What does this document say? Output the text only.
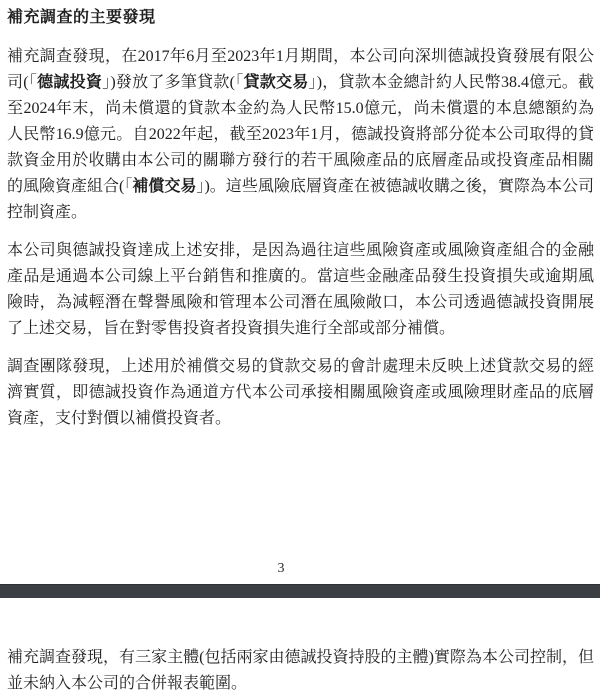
補充調查的主要發現

補充調查發現，在2017年6月至2023年1月期間，本公司向深圳德誠投資發展有限公司(「德誠投資」)發放了多筆貸款(「貸款交易」)，貸款本金總計約人民幣38.4億元。截至2024年末，尚未償還的貸款本金約為人民幣15.0億元，尚未償還的本息總額約為人民幣16.9億元。自2022年起，截至2023年1月，德誠投資將部分從本公司取得的貸款資金用於收購由本公司的關聯方發行的若干風險產品的底層產品或投資產品相關的風險資產組合(「補償交易」)。這些風險底層資產在被德誠收購之後，實際為本公司控制資產。

本公司與德誠投資達成上述安排，是因為過往這些風險資產或風險資產組合的金融產品是通過本公司線上平台銷售和推廣的。當這些金融產品發生投資損失或逾期風險時，為減輕潛在聲譽風險和管理本公司潛在風險敞口，本公司透過德誠投資開展了上述交易，旨在對零售投資者投資損失進行全部或部分補償。

調查團隊發現，上述用於補償交易的貸款交易的會計處理未反映上述貸款交易的經濟實質，即德誠投資作為通道方代本公司承接相關風險資產或風險理財產品的底層資產，支付對價以補償投資者。

3

補充調查發現，有三家主體(包括兩家由德誠投資持股的主體)實際為本公司控制，但並未納入本公司的合併報表範圍。
